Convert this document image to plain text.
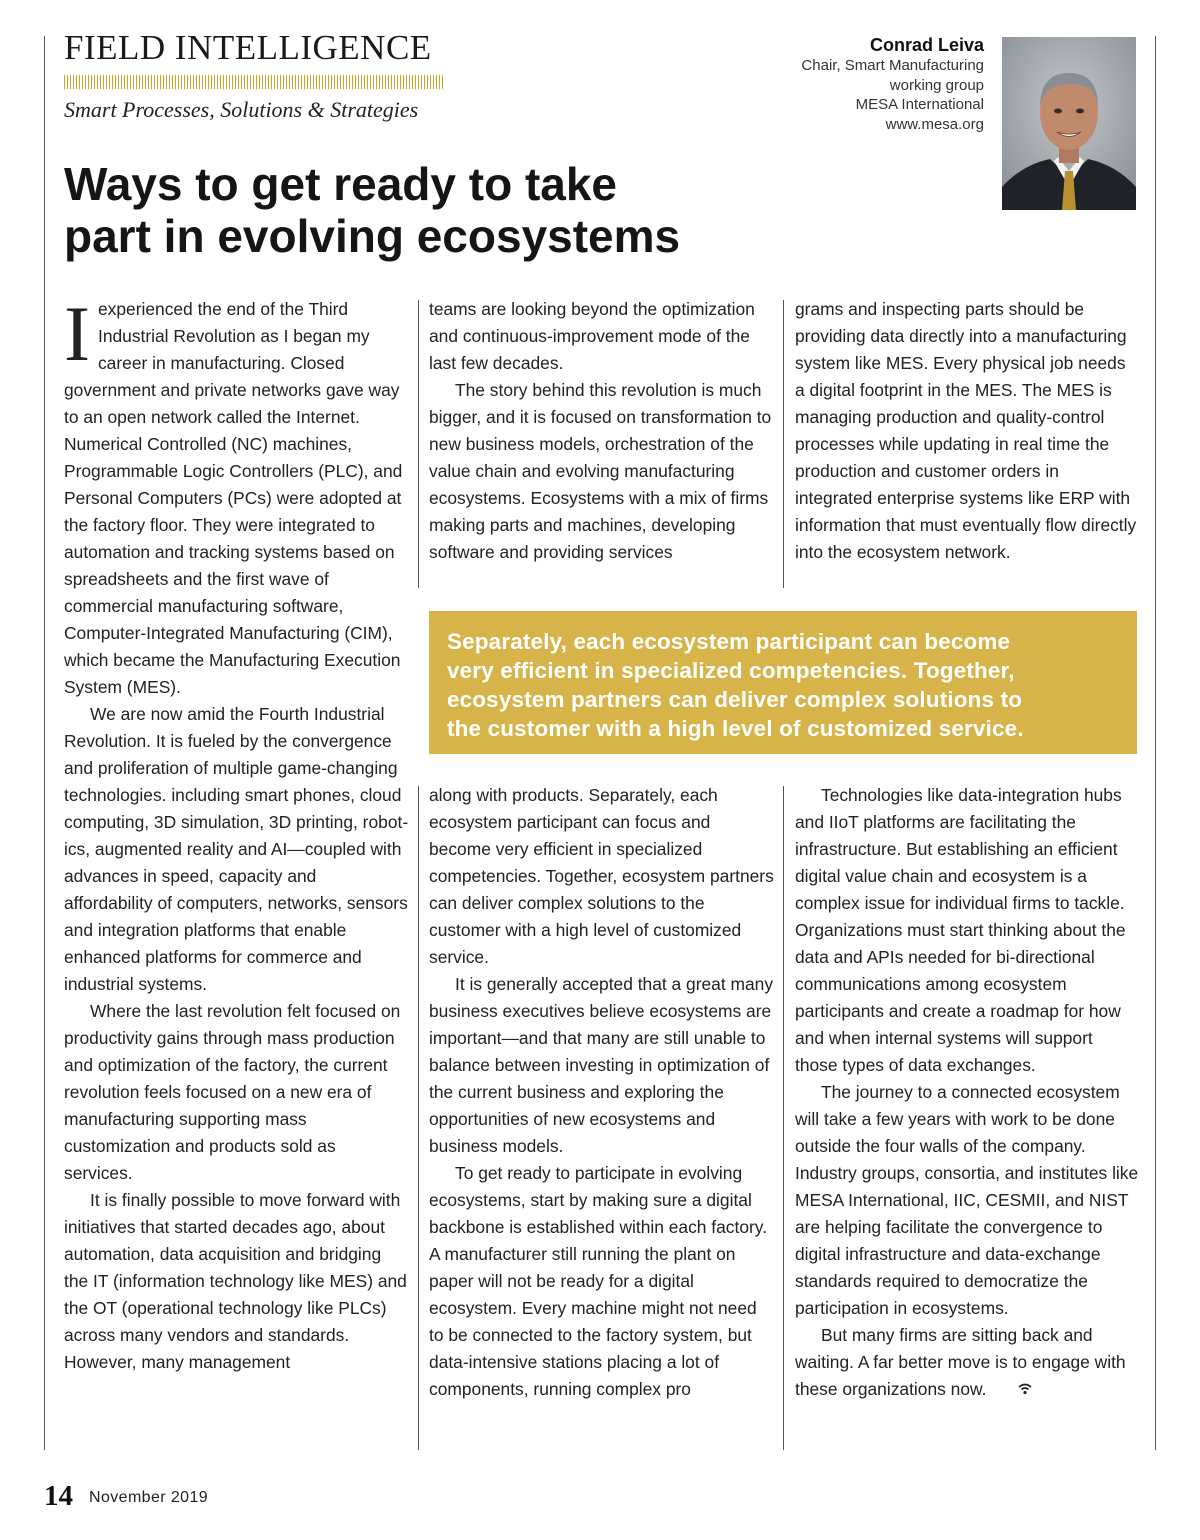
FIELD INTELLIGENCE
Smart Processes, Solutions & Strategies
Conrad Leiva
Chair, Smart Manufacturing
working group
MESA International
www.mesa.org
Ways to get ready to take
part in evolving ecosystems

I experienced the end of the Third Industrial Revolution as I began my career in manufacturing. Closed government and private networks gave way to an open network called the Internet. Numerical Controlled (NC) machines, Programmable Logic Controllers (PLC), and Personal Computers (PCs) were adopted at the factory floor. They were integrated to automation and tracking systems based on spreadsheets and the first wave of commercial manufacturing software, Computer-Integrated Manufacturing (CIM), which became the Manufacturing Execution System (MES).

We are now amid the Fourth Industrial Revolution. It is fueled by the convergence and proliferation of multiple game-changing technologies. including smart phones, cloud computing, 3D simulation, 3D printing, robotics, augmented reality and AI—coupled with advances in speed, capacity and affordability of computers, networks, sensors and integration platforms that enable enhanced platforms for commerce and industrial systems.

Where the last revolution felt focused on productivity gains through mass production and optimization of the factory, the current revolution feels focused on a new era of manufacturing supporting mass customization and products sold as services.

It is finally possible to move forward with initiatives that started decades ago, about automation, data acquisition and bridging the IT (information technology like MES) and the OT (operational technology like PLCs) across many vendors and standards. However, many management

teams are looking beyond the optimization and continuous-improvement mode of the last few decades.

The story behind this revolution is much bigger, and it is focused on transformation to new business models, orchestration of the value chain and evolving manufacturing ecosystems. Ecosystems with a mix of firms making parts and machines, developing software and providing services

grams and inspecting parts should be providing data directly into a manufacturing system like MES. Every physical job needs a digital footprint in the MES. The MES is managing production and quality-control processes while updating in real time the production and customer orders in integrated enterprise systems like ERP with information that must eventually flow directly into the ecosystem network.

Separately, each ecosystem participant can become
very efficient in specialized competencies. Together,
ecosystem partners can deliver complex solutions to
the customer with a high level of customized service.

along with products. Separately, each ecosystem participant can focus and become very efficient in specialized competencies. Together, ecosystem partners can deliver complex solutions to the customer with a high level of customized service.

It is generally accepted that a great many business executives believe ecosystems are important—and that many are still unable to balance between investing in optimization of the current business and exploring the opportunities of new ecosystems and business models.

To get ready to participate in evolving ecosystems, start by making sure a digital backbone is established within each factory. A manufacturer still running the plant on paper will not be ready for a digital ecosystem. Every machine might not need to be connected to the factory system, but data-intensive stations placing a lot of components, running complex pro

Technologies like data-integration hubs and IIoT platforms are facilitating the infrastructure. But establishing an efficient digital value chain and ecosystem is a complex issue for individual firms to tackle. Organizations must start thinking about the data and APIs needed for bi-directional communications among ecosystem participants and create a roadmap for how and when internal systems will support those types of data exchanges.

The journey to a connected ecosystem will take a few years with work to be done outside the four walls of the company. Industry groups, consortia, and institutes like MESA International, IIC, CESMII, and NIST are helping facilitate the convergence to digital infrastructure and data-exchange standards required to democratize the participation in ecosystems.

But many firms are sitting back and waiting. A far better move is to engage with these organizations now.

14 November 2019
